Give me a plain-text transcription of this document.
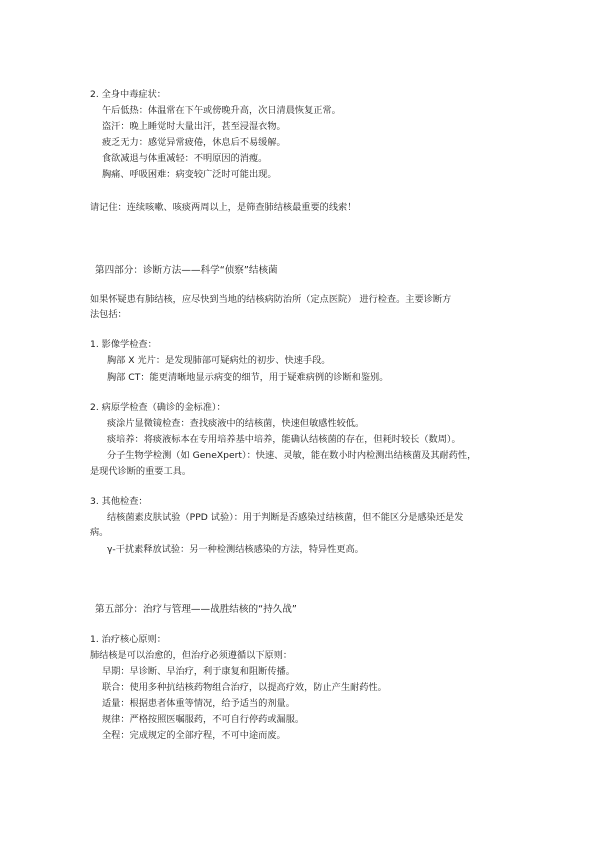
2. 全身中毒症状：
午后低热：体温常在下午或傍晚升高，次日清晨恢复正常。
盗汗：晚上睡觉时大量出汗，甚至浸湿衣物。
疲乏无力：感觉异常疲倦，休息后不易缓解。
食欲减退与体重减轻：不明原因的消瘦。
胸痛、呼吸困难：病变较广泛时可能出现。
请记住：连续咳嗽、咳痰两周以上，是筛查肺结核最重要的线索！
第四部分：诊断方法——科学“侦察”结核菌
如果怀疑患有肺结核，应尽快到当地的结核病防治所（定点医院） 进行检查。主要诊断方
法包括：
1. 影像学检查：
胸部 X 光片：是发现肺部可疑病灶的初步、快速手段。
胸部 CT：能更清晰地显示病变的细节，用于疑难病例的诊断和鉴别。
2. 病原学检查（确诊的金标准）：
痰涂片显微镜检查：查找痰液中的结核菌，快速但敏感性较低。
痰培养：将痰液标本在专用培养基中培养，能确认结核菌的存在，但耗时较长（数周）。
分子生物学检测（如 GeneXpert）：快速、灵敏，能在数小时内检测出结核菌及其耐药性，
是现代诊断的重要工具。
3. 其他检查：
结核菌素皮肤试验（PPD 试验）：用于判断是否感染过结核菌，但不能区分是感染还是发
病。
γ-干扰素释放试验：另一种检测结核感染的方法，特异性更高。
第五部分：治疗与管理——战胜结核的“持久战”
1. 治疗核心原则：
肺结核是可以治愈的，但治疗必须遵循以下原则：
早期：早诊断、早治疗，利于康复和阻断传播。
联合：使用多种抗结核药物组合治疗，以提高疗效，防止产生耐药性。
适量：根据患者体重等情况，给予适当的剂量。
规律：严格按照医嘱服药，不可自行停药或漏服。
全程：完成规定的全部疗程，不可中途而废。
